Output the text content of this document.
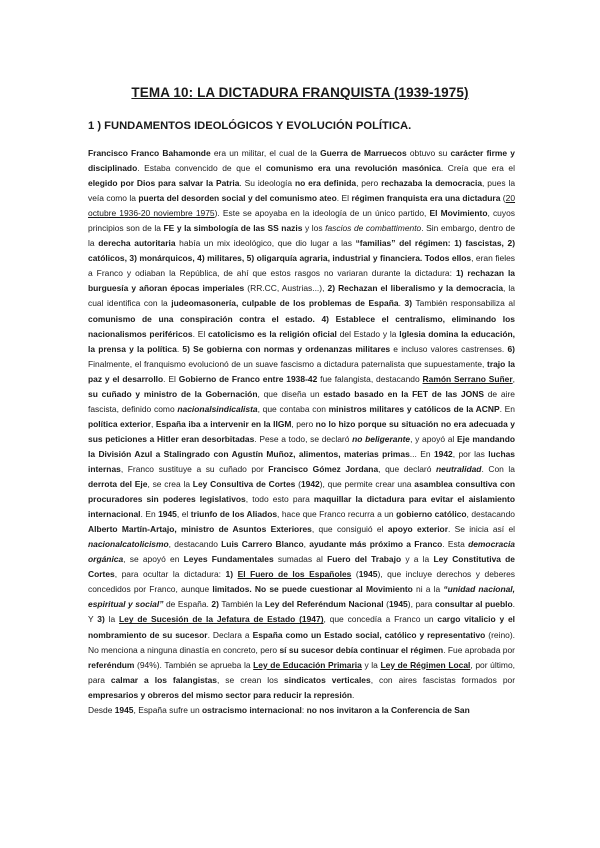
TEMA 10: LA DICTADURA FRANQUISTA (1939-1975)
1 ) FUNDAMENTOS IDEOLÓGICOS Y EVOLUCIÓN POLÍTICA.

Francisco Franco Bahamonde era un militar, el cual de la Guerra de Marruecos obtuvo su carácter firme y disciplinado. Estaba convencido de que el comunismo era una revolución masónica. Creía que era el elegido por Dios para salvar la Patria. Su ideología no era definida, pero rechazaba la democracia, pues la veía como la puerta del desorden social y del comunismo ateo. El régimen franquista era una dictadura (20 octubre 1936-20 noviembre 1975). Este se apoyaba en la ideología de un único partido, El Movimiento, cuyos principios son de la FE y la simbología de las SS nazis y los fascios de combattimento. Sin embargo, dentro de la derecha autoritaria había un mix ideológico, que dio lugar a las “familias” del régimen: 1) fascistas, 2) católicos, 3) monárquicos, 4) militares, 5) oligarquía agraria, industrial y financiera. Todos ellos, eran fieles a Franco y odiaban la República, de ahí que estos rasgos no variaran durante la dictadura: 1) rechazan la burguesía y añoran épocas imperiales (RR.CC, Austrias...), 2) Rechazan el liberalismo y la democracia, la cual identifica con la judeomasonería, culpable de los problemas de España. 3) También responsabiliza al comunismo de una conspiración contra el estado. 4) Establece el centralismo, eliminando los nacionalismos periféricos. El catolicismo es la religión oficial del Estado y la Iglesia domina la educación, la prensa y la política. 5) Se gobierna con normas y ordenanzas militares e incluso valores castrenses. 6) Finalmente, el franquismo evolucionó de un suave fascismo a dictadura paternalista que supuestamente, trajo la paz y el desarrollo. El Gobierno de Franco entre 1938-42 fue falangista, destacando Ramón Serrano Suñer, su cuñado y ministro de la Gobernación, que diseña un estado basado en la FET de las JONS de aire fascista, definido como nacionalsindicalista, que contaba con ministros militares y católicos de la ACNP. En política exterior, España iba a intervenir en la IIGM, pero no lo hizo porque su situación no era adecuada y sus peticiones a Hitler eran desorbitadas. Pese a todo, se declaró no beligerante, y apoyó al Eje mandando la División Azul a Stalingrado con Agustín Muñoz, alimentos, materias primas... En 1942, por las luchas internas, Franco sustituye a su cuñado por Francisco Gómez Jordana, que declaró neutralidad. Con la derrota del Eje, se crea la Ley Consultiva de Cortes (1942), que permite crear una asamblea consultiva con procuradores sin poderes legislativos, todo esto para maquillar la dictadura para evitar el aislamiento internacional. En 1945, el triunfo de los Aliados, hace que Franco recurra a un gobierno católico, destacando Alberto Martín-Artajo, ministro de Asuntos Exteriores, que consiguió el apoyo exterior. Se inicia así el nacionalcatolicismo, destacando Luis Carrero Blanco, ayudante más próximo a Franco. Esta democracia orgánica, se apoyó en Leyes Fundamentales sumadas al Fuero del Trabajo y a la Ley Constitutiva de Cortes, para ocultar la dictadura: 1) El Fuero de los Españoles (1945), que incluye derechos y deberes concedidos por Franco, aunque limitados. No se puede cuestionar al Movimiento ni a la “unidad nacional, espiritual y social” de España. 2) También la Ley del Referéndum Nacional (1945), para consultar al pueblo. Y 3) la Ley de Sucesión de la Jefatura de Estado (1947), que concedía a Franco un cargo vitalicio y el nombramiento de su sucesor. Declara a España como un Estado social, católico y representativo (reino). No menciona a ninguna dinastía en concreto, pero sí su sucesor debía continuar el régimen. Fue aprobada por referéndum (94%). También se aprueba la Ley de Educación Primaria y la Ley de Régimen Local, por último, para calmar a los falangistas, se crean los sindicatos verticales, con aires fascistas formados por empresarios y obreros del mismo sector para reducir la represión.

Desde 1945, España sufre un ostracismo internacional: no nos invitaron a la Conferencia de San
